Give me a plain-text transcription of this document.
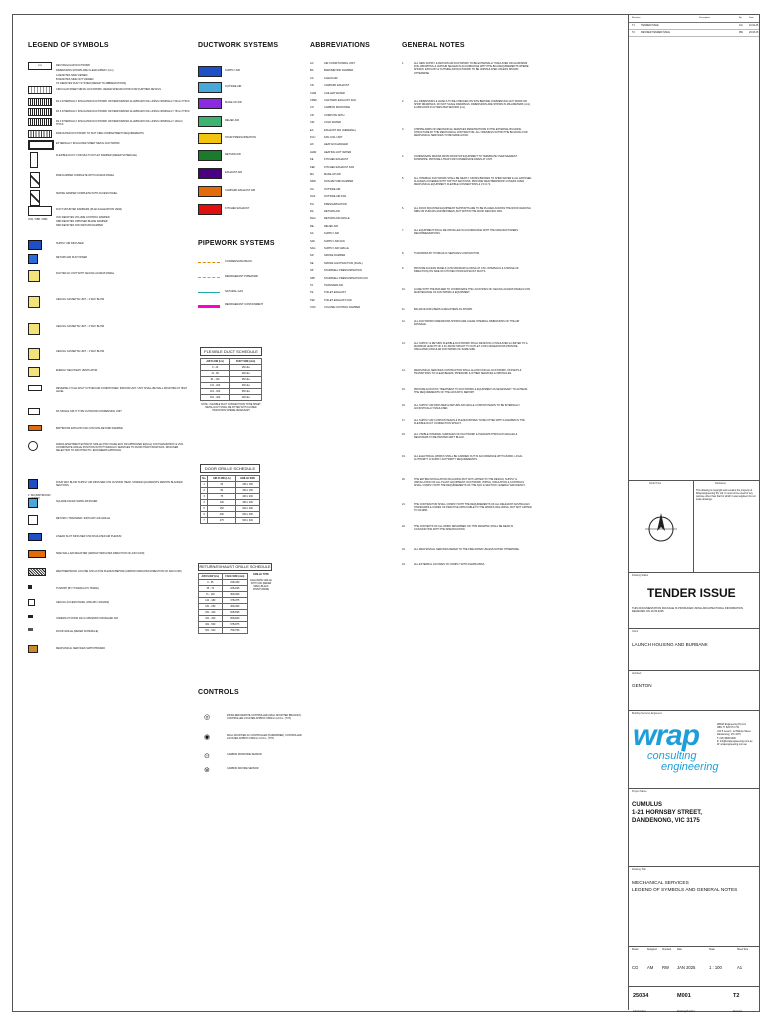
LEGEND OF SYMBOLS
RECTANGULAR DUCTWORK
XXX
DIMENSIONS SHOWN ARE CLEAR AIRWAY (mm)
A DENOTES SIDE VIEWED
B DENOTES SIDE NOT VIEWED
XX DENOTES DUCT SYSTEM (REFER TO ABBREVIATIONS)
CIRCULAR SHEET METAL DUCTWORK. REFER SPECIFICATION FOR FURTHER DETAILS
R1.0 INTERNALLY INSULATED DUCTWORK OR PERFORATED ALUMINIUM FOIL LINING NOMINALLY 50mm THICK
R1.5 INTERNALLY INSULATED DUCTWORK OR PERFORATED ALUMINIUM FOIL LINING NOMINALLY 75mm THICK
R2.0 INTERNALLY INSULATED DUCTWORK OR PERFORATED ALUMINIUM FOIL LINING NOMINALLY 100mm THICK
FIRE RATED DUCTWORK TO SUIT FIRE COMPARTMENT REQUIREMENTS
EXTERNALLY INSULATED SHEET METAL DUCTWORK
FLEXIBLE DUCT. FOR MULTI OUTLET DAMPER (REFER SCHEDULE)
FIRE DAMPER COMPLETE WITH ACCESS PANEL
SMOKE DAMPER COMPLETE WITH ACCESS PANEL
DUCT MOUNTED DAMPERS (PLAN & ELEVATION VIEW)
VCD DENOTES VOLUME CONTROL DAMPER
OBD DENOTES OPPOSED BLADE DAMPER
NRD DENOTES NON RETURN DAMPER
SUPPLY AIR DIFFUSER
RETURN AIR DUCT RISER
DUCTED AC UNIT WITH CEILING ACCESS PANEL
CEILING CASSETTE UNIT - 4 WAY BLOW
CEILING CASSETTE UNIT - 2 WAY BLOW
CEILING CASSETTE UNIT - 1 WAY BLOW
ENERGY RECOVERY VENTILATOR
REVERSE CYCLE SPLIT SYSTEM AIR CONDITIONER. INDOOR UNIT. UNIT SHALL BE WALL MOUNTED AT HIGH LEVEL
DX SINGLE SPLIT TYPE OUTDOOR CONDENSING UNIT
BATHROOM EXHAUST FAN C/W NON-RETURN DAMPER
400DIA APARTMENT EXHAUST GRILLE (HOLYOAKE ECO OR APPROVED EQUAL) C/W PLENUM BOX & VCD. COORDINATE GRILLE POSITION WITH HYDRAULIC SERVICES TO AVOID TRAP FROM WCS. DIFFUSER SELECTION TO ARCHITECTS / ENGINEERS APPROVAL
FOUR WAY BLOW SUPPLY AIR DIFFUSER C/W CUSHION HEAD. SHADED QUADRANTS DENOTE BLANKED SECTIONS
SQUARE FACED SWIRL DIFFUSER
RETURN / TRANSFER / EXHAUST AIR GRILLE
LINEAR SLOT DIFFUSER C/W INSULATED AIR PLENUM
SIDE WALL AIR REGISTER (ARROW INDICATES DIRECTION OF AIR FLOW)
WEATHERPROOF LOUVRE C/W ACTIVE PLENUM BEHIND (ARROW INDICATES DIRECTION OF AIR FLOW)
TUNDISH (BY HYDRAULICS TRADE)
CEILING ACCESS PANEL (450x450 / 600x600)
UNDERCUT DOOR 20mm MINIMUM FOR RELIEF AIR
DOOR GRILLE (REFER SCHEDULE)
MECHANICAL SERVICES SWITCHBOARD
VCD / OBD / NRD
1" DIA (BATHROOM / LAUNDRY)
DUCTWORK SYSTEMS
SUPPLY AIR
OUTSIDE AIR
MAKE-UP AIR
RELIEF AIR
STAIR PRESSURISATION
RETURN AIR
EXHAUST AIR
CARPARK EXHAUST AIR
KITCHEN EXHAUST
PIPEWORK SYSTEMS
CONDENSATE DRAIN
REFRIGERANT PIPEWORK
NATURAL GAS
REFRIGERANT CONTAINMENT
FLEXIBLE DUCT SCHEDULE
AIR FLOW (L/s)	DUCT SIZE (mm)
0 - 40	150 dia
41 - 80	200 dia
81 - 130	250 dia
131 - 200	300 dia
201 - 300	350 dia
301 - 400	400 dia
NOTE : FLEXIBLE DUCT CONNECTIONS TO BE SHEET METAL DUCT SHALL BE FITTED WITH CLOSED TRANSITION WHERE NECESSARY
DOOR GRILLE SCHEDULE
No.	AIR FLOW (L/s)	GRILLE SIZE
1	25	250 x 150
2	50	300 x 150
3	75	400 x 200
4	100	450 x 200
5	150	600 x 200
6	200	600 x 300
7	275	600 x 400
RETURN/EXHAUST GRILLE SCHEDULE
AIR FLOW (L/s)	FACE SIZE (mm)
0 - 35	150x150
36 - 70	225x225
71 - 120	300x300
121 - 180	375x375
181 - 250	450x450
251 - 320	525x525
321 - 400	600x600
401 - 500	675x675
501 - 600	750x750
EGGCRATE GRILLE WITH VCD (REFER SPEC) BLACK FINISH INSIDE
GRILLE TYPE
CONTROLS
◎	INFRA RED REMOTE CONTROLLER (WALL MOUNTED BRACKET). CONTROLLER LOCATED APPROX 1500mm A.F.F.L. (TYP)
◉	WALL MOUNTED AC CONTROLLER (HARDWIRED). CONTROLLER LOCATED APPROX 1500mm A.F.F.L. (TYP)
⊙	CARBON MONOXIDE SENSOR
⊚	CARBON DIOXIDE SENSOR
ABBREVIATIONS
AC	AIR CONDITIONING UNIT
BA	BAROMETRIC DAMPER
CA	CLEAN AIR
CD	CARPARK EXHAUST
CHW	CHILLED WATER
CPEF	CAR PARK EXHAUST FAN
CO	CARBON MONOXIDE
CR	COMPUTE WITH
CW	COLD WATER
EA	EXHAUST AIR (GENERAL)
FCU	FAN COIL UNIT
HX	HEAT EXCHANGER
HHW	HEATING HOT WATER
KE	KITCHEN EXHAUST
KEF	KITCHEN EXHAUST FAN
MA	MAKE-UP AIR
NRD	NON-RETURN DAMPER
OA	OUTSIDE AIR
OAF	OUTSIDE AIR FAN
PH	PRESSURISATION
RA	RETURN AIR
RAG	RETURN AIR GRILLE
RE	RELIEF AIR
SA	SUPPLY AIR
SAF	SUPPLY AIR FAN
SAG	SUPPLY AIR GRILLE
SD	SMOKE DAMPER
SE	SMOKE & EXTRACTION (DUAL)
SP	STAIRWELL PRESSURISATION
SPF	STAIRWELL PRESSURISATION FAN
TA	TRANSFER AIR
TE	TOILET EXHAUST
TEF	TOILET EXHAUST FAN
VCD	VOLUME CONTROL DAMPER
GENERAL NOTES
1.	ALL NEW SUPPLY & RETURN AIR DUCTWORK TO BE EXTERNALLY INSULATED OR ALUMINIUM FOIL WRAPPING & VAPOUR SEALED IN ACCORDANCE WITH THE BCA REQUIREMENTS WHERE SHOWN. EXHAUST & OUTSIDE AIR DUCTWORK TO BE UNINSULATED UNLESS SHOWN OTHERWISE.
2.	ALL DIMENSIONS & LEVELS TO BE CHECKED ON SITE BEFORE COMMENCING ANY WORK OR SHOP DRAWINGS. DO NOT SCALE DRAWINGS. DIMENSIONS ARE SHOWN IN MILLIMETERS (mm) & AIRFLOWS IN LITRES PER SECOND (L/s).
3.	CHIPPIE ARMS OF MECHANICAL SERVICES PENETRATIONS IN THE EXTERNAL BUILDING STRUCTURE BY THE MECHANICAL CONTRACTOR. ALL OPENINGS WITHIN THE BUILDING FOR MECHANICAL SERVICES TO BE MADE GOOD.
4.	CONDENSATE DRAINS FROM ROOFTOP EQUIPMENT TO TERMINATE OVER NEAREST DOWNPIPE. PROVIDE A TRAP FOR CONDENSATE DRAIN AT UNIT.
5.	ALL INTERNAL DUCTWORK SHALL BE NEATLY CROSS BROKEN TO SHED WATER & ALL EXPOSED FLANGES COVERED WITH TOP HAT SECTIONS. PROVIDE WEATHERPROOF COVERS OVER MECHANICAL EQUIPMENT. FLEXIBLE CONNECTIONS & V.C.D.'S.
6.	ALL ROOF MOUNTED EQUIPMENT SUPPORTS ARE TO BE PLACED ACROSS THE ROOF DECKING RIBS OR PURLINS AND BETWEEN, BUT WITHIN THE ROOF DECKING PAN.
7.	ALL EQUIPMENT SHALL BE INSTALLED IN ACCORDANCE WITH THE MANUFACTURERS RECOMMENDATIONS.
8.	TUNDISHES BY HYDRAULIC SERVICES CONTRACTOR.
9.	PROVIDE ACCESS PANELS (C/W MINIMUM CLOSING AT 0.5m INTERVALS & CHANGE OF DIRECTION) ON SIDE OF KITCHEN HOOD EXHAUST DUCTS.
10.	LIAISE WITH THE BUILDER TO COORDINATE THE LOCATIONS OF CEILING ACCESS PANELS FOR MAINTENANCE OF DUCTWORK & EQUIPMENT.
11.	BALANCE DIFFUSERS & REGISTERS AS SHOWN.
12.	ALL DUCTWORK DIMENSIONS SHOWN ARE CLEAR INTERNAL DIMENSIONS OF THE AIR PASSAGE.
13.	ALL SUPPLY & RETURN FLEXIBLE DUCTWORK SHALL BE MIN R1.0 INSULATED & LIMITED TO A MAXIMUM LENGTH OF 4.0m FROM SPIGOT TO OUTLET. FOR LONGER RUNS PROVIDE INSULATED CIRCULAR DUCTWORK OF SAME SIZE.
14.	MECHANICAL SERVICES CONTRACTOR SHALL ALLOW FOR ALL DUCTWORK, OFFSETS & TRANSITIONS TO CLEAR BEAMS, PIPEWORK & OTHER SERVICES & OBSTACLES.
15.	PROVIDE ACOUSTIC TREATMENT TO DUCTWORK & EQUIPMENT AS NECESSARY TO ACHIEVE THE REQUIREMENTS OF THE ACOUSTIC REPORT.
16.	ALL SUPPLY AIR DIFFUSER & RETURN AIR GRILLE CUSHION HEADS TO BE INTERNALLY ACOUSTICALLY INSULATED.
17.	ALL SUPPLY AIR CUSHION HEADS & PLENUM BOXES TO BE FITTED WITH A DAMPER IN THE FLEXIBLE DUCT CONNECTION SPIGOT.
18.	ALL VISIBLE INTERNAL SURFACES OF DUCTWORK & PLENUMS THROUGH GRILLES & REGISTERS TO BE PAINTED MATT BLACK.
19.	ALL ELECTRICAL WORKS SHALL BE CARRIED OUT IN ACCORDANCE WITH AS3000, LOCAL AUTHORITY & SUPPLY AUTHORITY REQUIREMENTS.
20.	THE ENTIRE INSTALLATION INCLUDING BUT NOT LIMITED TO THE DESIGN, SUPPLY & INSTALLATION OF ALL PLANT, EQUIPMENT, DUCTWORK, PIPING, INSULATION & CONTROLS SHALL COMPLY WITH THE REQUIREMENTS OF THE NCC & SECTION J ENERGY EFFICIENCY.
21.	THE CONTRACTOR SHALL COMPLY WITH THE REQUIREMENTS OF ALL RELEVANT AUSTRALIAN STANDARDS & CODES OF PRACTICE APPLICABLE TO THE WORKS INCLUDING, BUT NOT LIMITED TO AS1668.
22.	THE CONTENTS OF ALL WORK DESCRIBED ON THIS DRAWING SHALL BE READ IN CONJUNCTION WITH THE SPECIFICATION.
23.	ALL MECHANICAL SERVICES REFER TO THE FIRE RATED UNLESS NOTED OTHERWISE.
24.	ALL EXTERNAL LOUVRES TO COMPLY WITH AS1668.2/BCA.
Revision	Description	By	Date
T1	TENDER ISSUE	CG	10.02.25
T2	REVISED TENDER ISSUE	RW	26.03.25
North Point	Disclaimer
This drawing is copyright and remains the property of Wrap Engineering Pty Ltd. It must not be used for any purpose other than that for which it was supplied. Do not scale drawings.
Drawing Status
TENDER ISSUE
THIS DOCUMENTATION PACKAGE IS PRODUCED USING ARCHITECTURAL INFORMATION RECEIVED ON 19.03.2025
Client
LAUNCH HOUSING AND BURBANK
Architect
GENTON
Building Services Engineers
wrap
consulting
engineering
WRAP Engineering Pty Ltd
ABN 77 623 674 741
Unit 5 Level 1, 12 Bishop Street
Dandenong, VIC 3175
T: (03) 9999 0000
E: info@wrapengineering.com.au
W: wrapengineering.com.au
Project Name
CUMULUS
1-21 HORNSBY STREET,
DANDENONG, VIC 3175
Drawing Title
MECHANICAL SERVICES
LEGEND OF SYMBOLS AND GENERAL NOTES
Drawn
CG
Designed
AM
Checked
RW
Date
JAN 2025
Scale
1 : 100
Sheet Size
A1
25034	M001	T2
Job Number	Drawing Number	Revision
